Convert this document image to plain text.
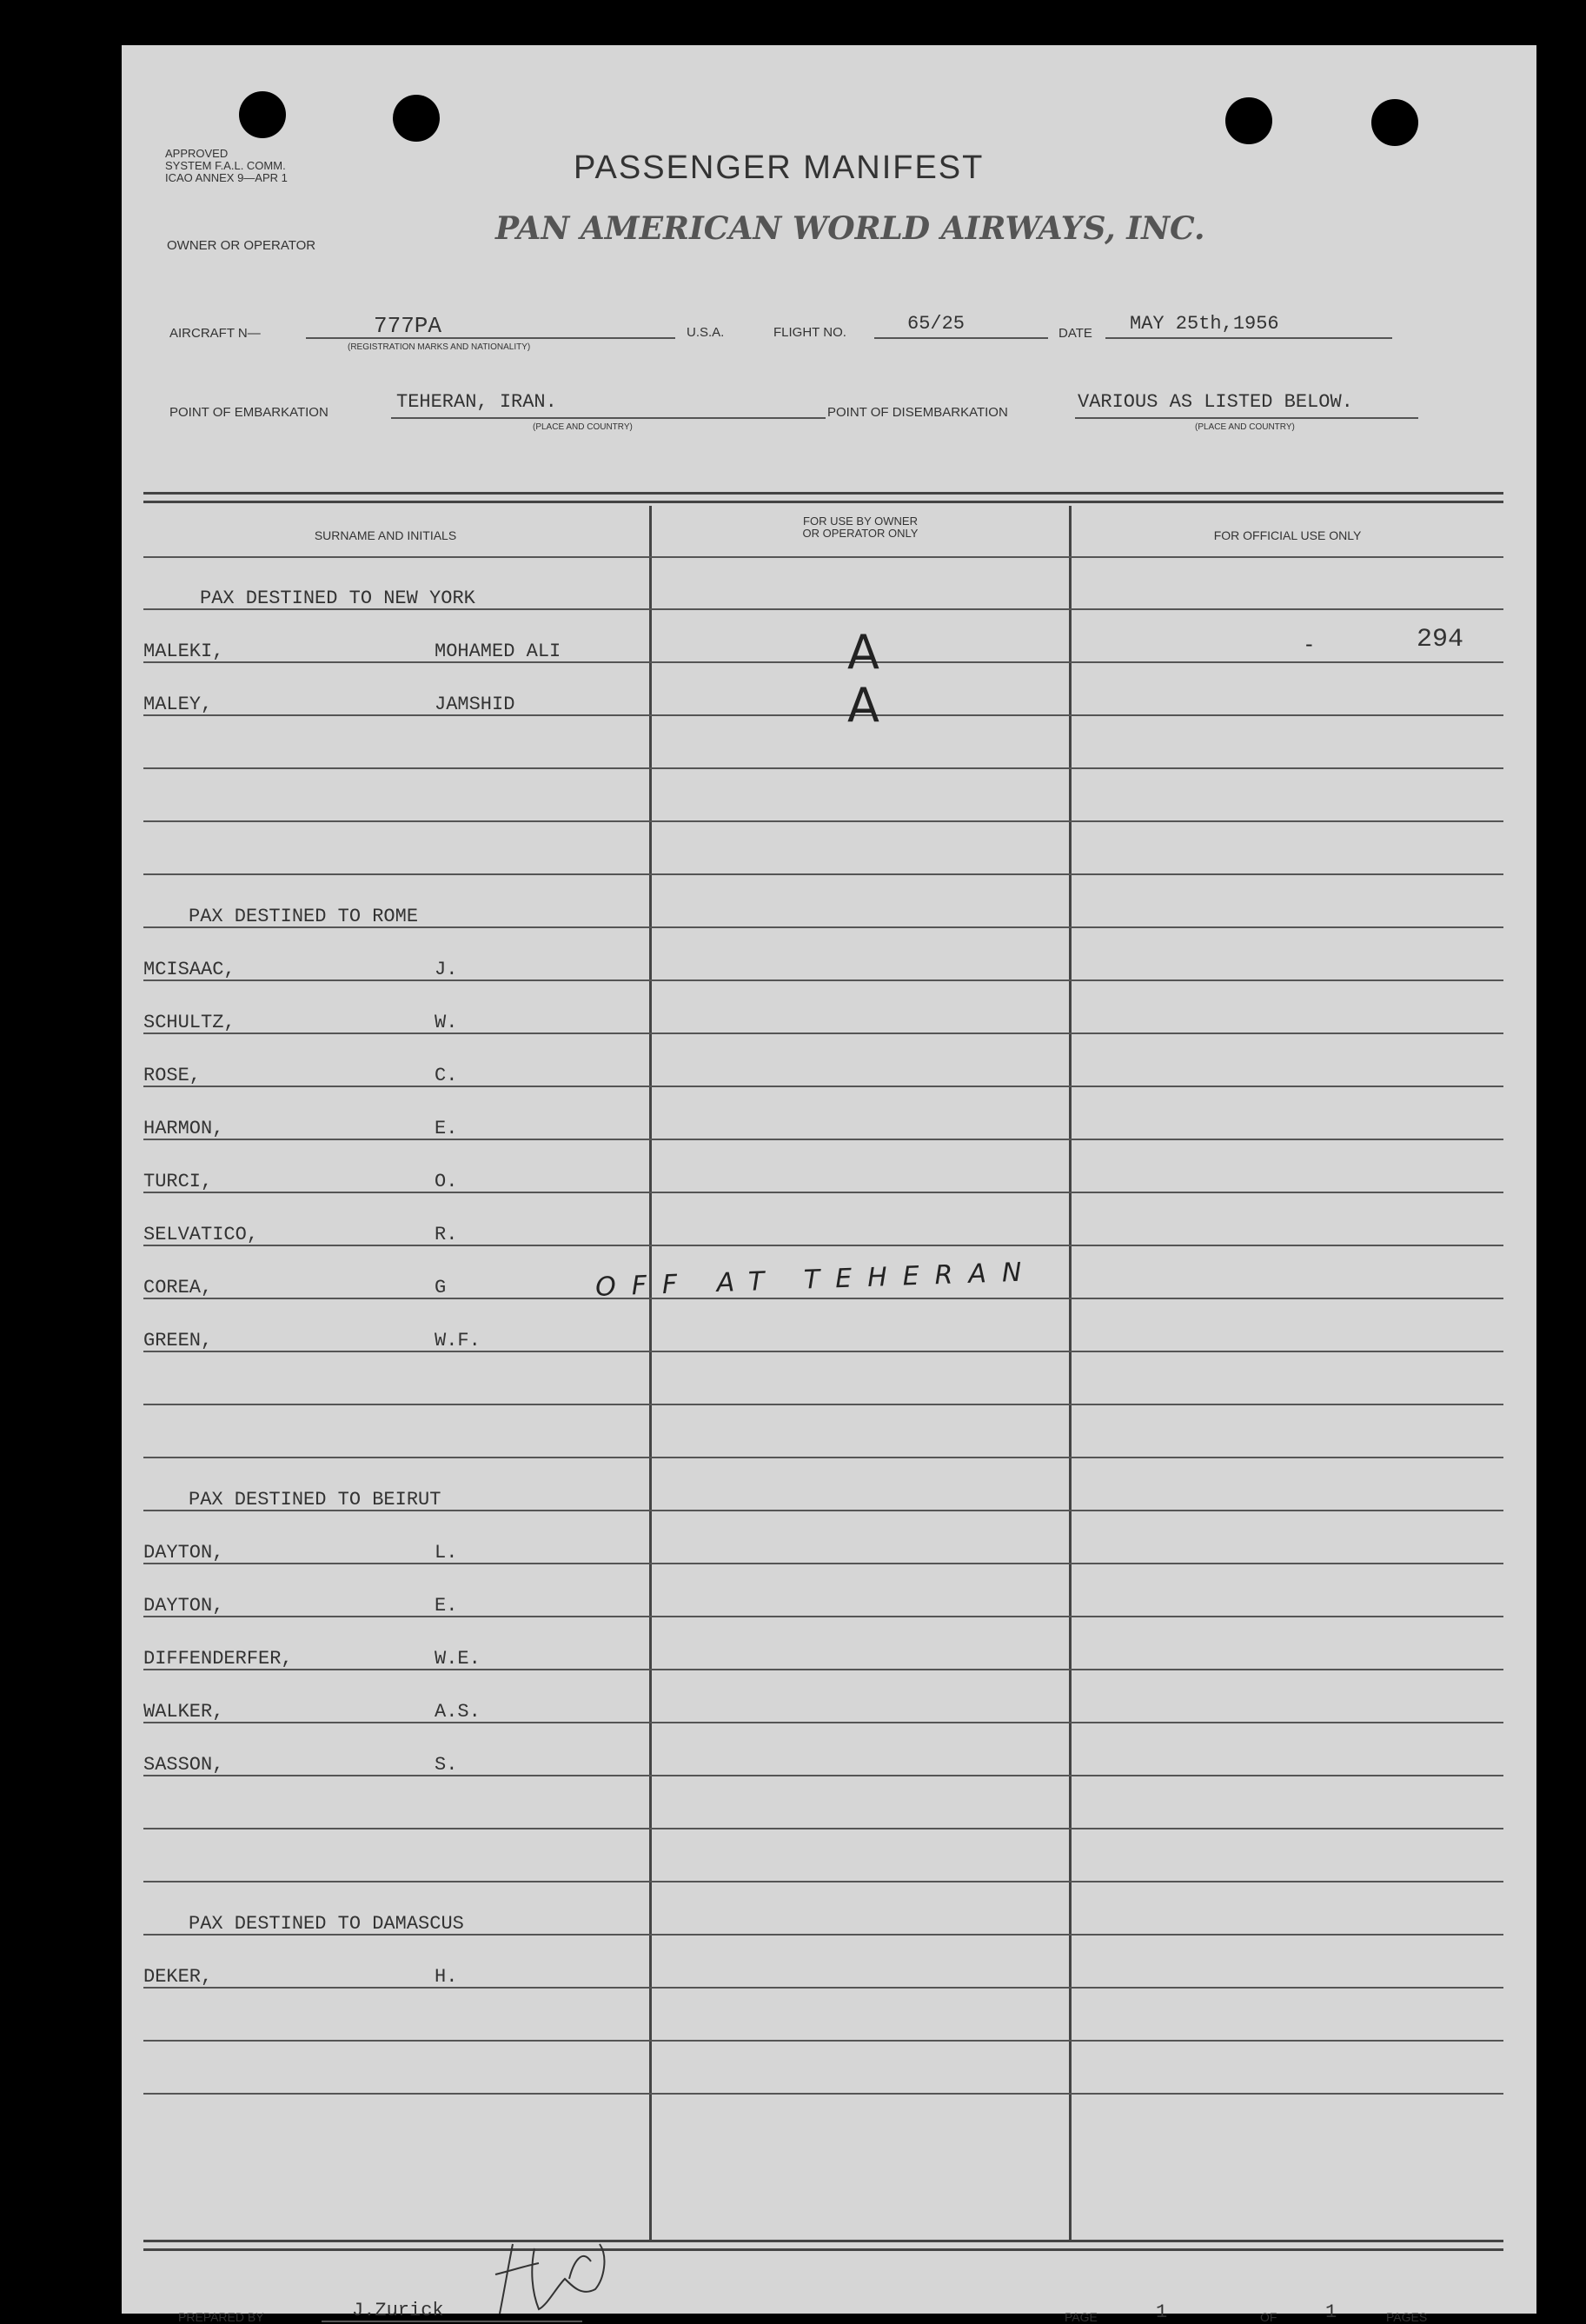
APPROVED
SYSTEM F.A.L. COMM.
ICAO ANNEX 9—APR 1	PASSENGER MANIFEST
OWNER OR OPERATOR	PAN AMERICAN WORLD AIRWAYS, INC.
AIRCRAFT N—	777PA
(REGISTRATION MARKS AND NATIONALITY)
U.S.A.	FLIGHT NO.	65/25	DATE MAY 25th,1956
POINT OF EMBARKATION	TEHERAN, IRAN.
(PLACE AND COUNTRY)
POINT OF DISEMBARKATION	VARIOUS AS LISTED BELOW.
(PLACE AND COUNTRY)
SURNAME AND INITIALS
FOR USE BY OWNER
OR OPERATOR ONLY	FOR OFFICIAL USE ONLY
PAX DESTINED TO NEW YORK
MALEKI,	MOHAMED ALI	A	-	294
MALEY,	JAMSHID	A
PAX DESTINED TO ROME
MCISAAC,	J.
SCHULTZ,	W.
ROSE,	C.
HARMON,	E.
TURCI,	O.
SELVATICO,	R.
COREA,	G	OFF AT TEHERAN
GREEN,	W.F.
PAX DESTINED TO BEIRUT
DAYTON,	L.
DAYTON,	E.
DIFFENDERFER,	W.E.
WALKER,	A.S.
SASSON,	S.
PAX DESTINED TO DAMASCUS
DEKER,	H.
PREPARED BY	J.Zurick	PAGE	1	OF	1	PAGES
